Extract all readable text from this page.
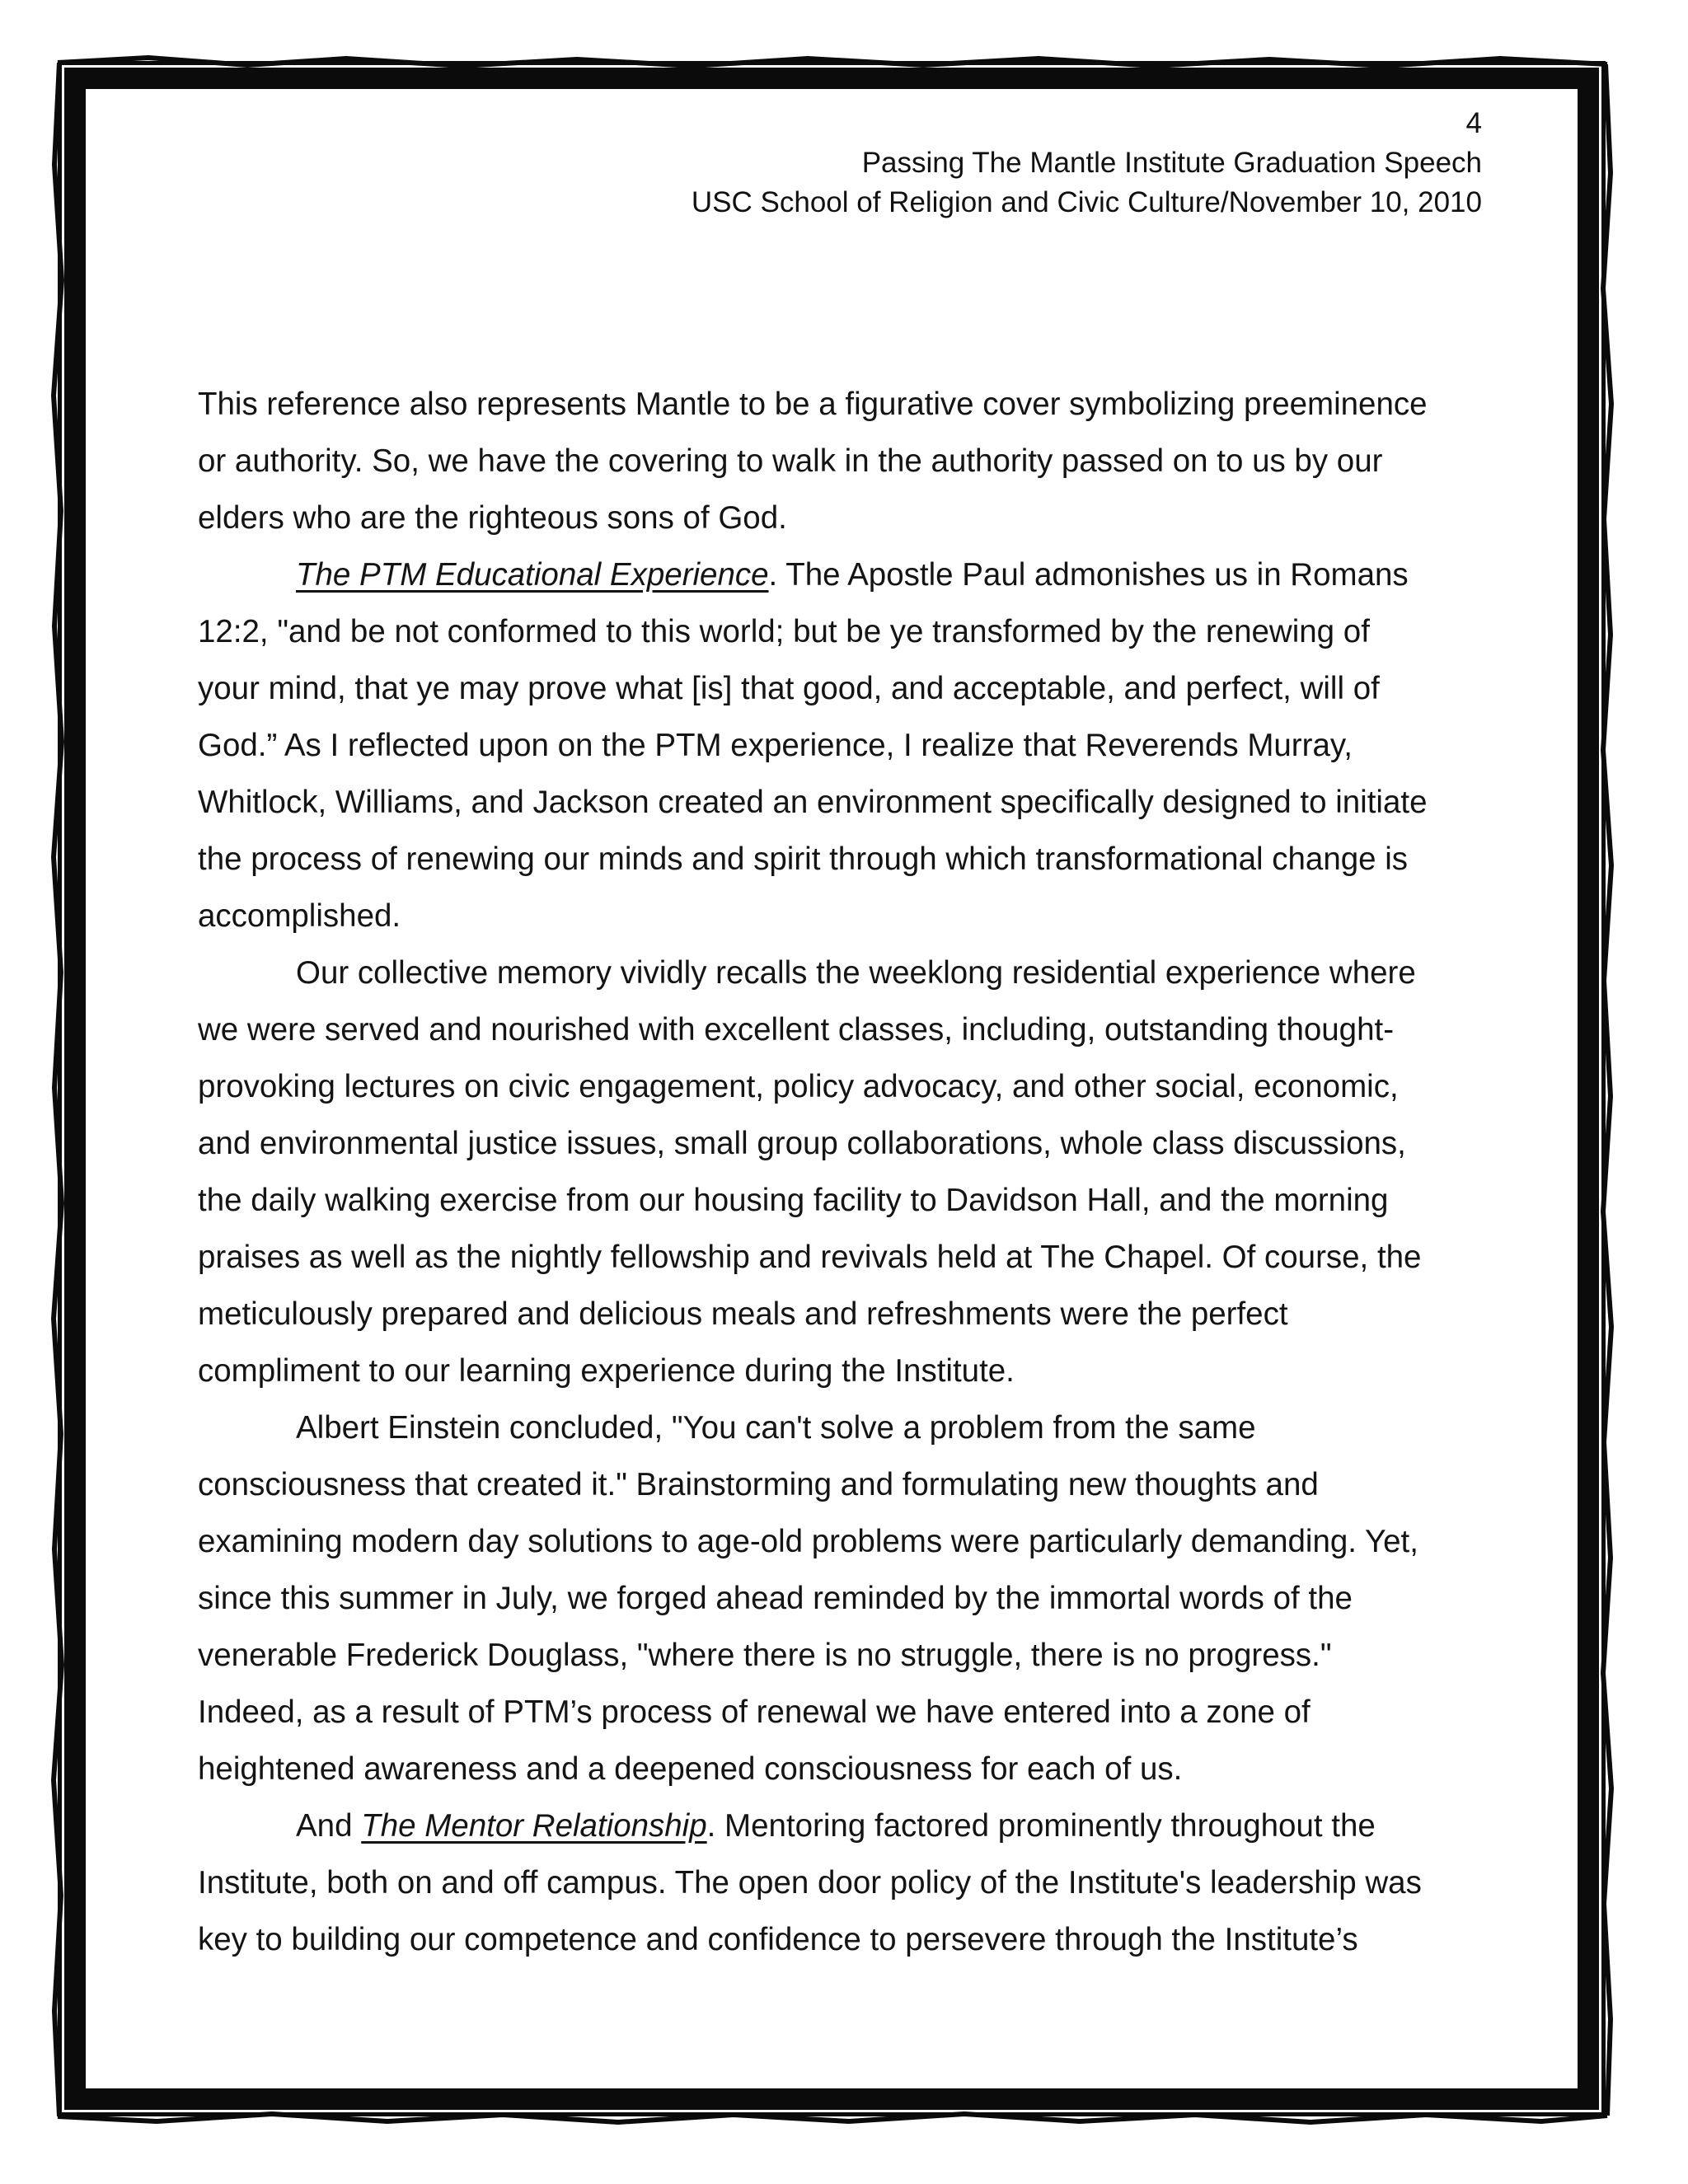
4
Passing The Mantle Institute Graduation Speech
USC School of Religion and Civic Culture/November 10, 2010
This reference also represents Mantle to be a figurative cover symbolizing preeminence
or authority. So, we have the covering to walk in the authority passed on to us by our
elders who are the righteous sons of God.
The PTM Educational Experience. The Apostle Paul admonishes us in Romans
12:2, "and be not conformed to this world; but be ye transformed by the renewing of
your mind, that ye may prove what [is] that good, and acceptable, and perfect, will of
God.” As I reflected upon on the PTM experience, I realize that Reverends Murray,
Whitlock, Williams, and Jackson created an environment specifically designed to initiate
the process of renewing our minds and spirit through which transformational change is
accomplished.
Our collective memory vividly recalls the weeklong residential experience where
we were served and nourished with excellent classes, including, outstanding thought-
provoking lectures on civic engagement, policy advocacy, and other social, economic,
and environmental justice issues, small group collaborations, whole class discussions,
the daily walking exercise from our housing facility to Davidson Hall, and the morning
praises as well as the nightly fellowship and revivals held at The Chapel. Of course, the
meticulously prepared and delicious meals and refreshments were the perfect
compliment to our learning experience during the Institute.
Albert Einstein concluded, "You can't solve a problem from the same
consciousness that created it." Brainstorming and formulating new thoughts and
examining modern day solutions to age-old problems were particularly demanding. Yet,
since this summer in July, we forged ahead reminded by the immortal words of the
venerable Frederick Douglass, "where there is no struggle, there is no progress."
Indeed, as a result of PTM’s process of renewal we have entered into a zone of
heightened awareness and a deepened consciousness for each of us.
And The Mentor Relationship. Mentoring factored prominently throughout the
Institute, both on and off campus. The open door policy of the Institute's leadership was
key to building our competence and confidence to persevere through the Institute’s
